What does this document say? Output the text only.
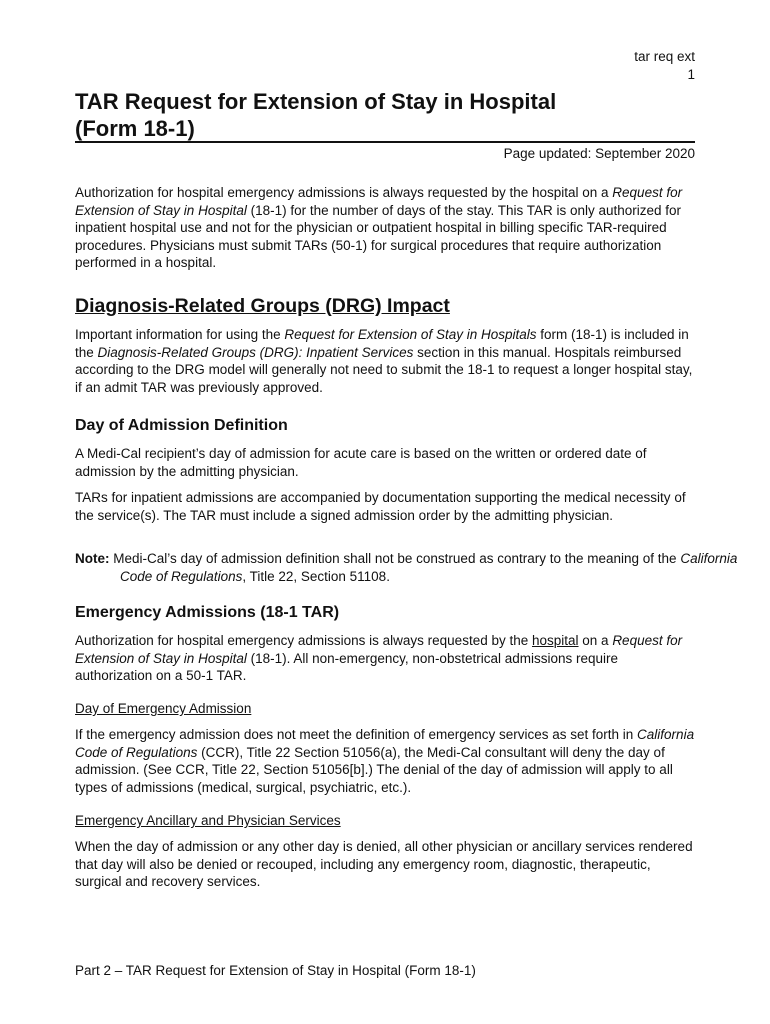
tar req ext
1
TAR Request for Extension of Stay in Hospital
(Form 18-1)
Page updated: September 2020

Authorization for hospital emergency admissions is always requested by the hospital on a Request for Extension of Stay in Hospital (18-1) for the number of days of the stay. This TAR is only authorized for inpatient hospital use and not for the physician or outpatient hospital in billing specific TAR-required procedures. Physicians must submit TARs (50-1) for surgical procedures that require authorization performed in a hospital.

Diagnosis-Related Groups (DRG) Impact

Important information for using the Request for Extension of Stay in Hospitals form (18-1) is included in the Diagnosis-Related Groups (DRG): Inpatient Services section in this manual. Hospitals reimbursed according to the DRG model will generally not need to submit the 18-1 to request a longer hospital stay, if an admit TAR was previously approved.

Day of Admission Definition

A Medi-Cal recipient’s day of admission for acute care is based on the written or ordered date of admission by the admitting physician.

TARs for inpatient admissions are accompanied by documentation supporting the medical necessity of the service(s). The TAR must include a signed admission order by the admitting physician.

Note: Medi-Cal’s day of admission definition shall not be construed as contrary to the meaning of the California Code of Regulations, Title 22, Section 51108.

Emergency Admissions (18-1 TAR)

Authorization for hospital emergency admissions is always requested by the hospital on a Request for Extension of Stay in Hospital (18-1). All non-emergency, non-obstetrical admissions require authorization on a 50-1 TAR.

Day of Emergency Admission

If the emergency admission does not meet the definition of emergency services as set forth in California Code of Regulations (CCR), Title 22 Section 51056(a), the Medi-Cal consultant will deny the day of admission. (See CCR, Title 22, Section 51056[b].) The denial of the day of admission will apply to all types of admissions (medical, surgical, psychiatric, etc.).

Emergency Ancillary and Physician Services

When the day of admission or any other day is denied, all other physician or ancillary services rendered that day will also be denied or recouped, including any emergency room, diagnostic, therapeutic, surgical and recovery services.

Part 2 – TAR Request for Extension of Stay in Hospital (Form 18-1)
